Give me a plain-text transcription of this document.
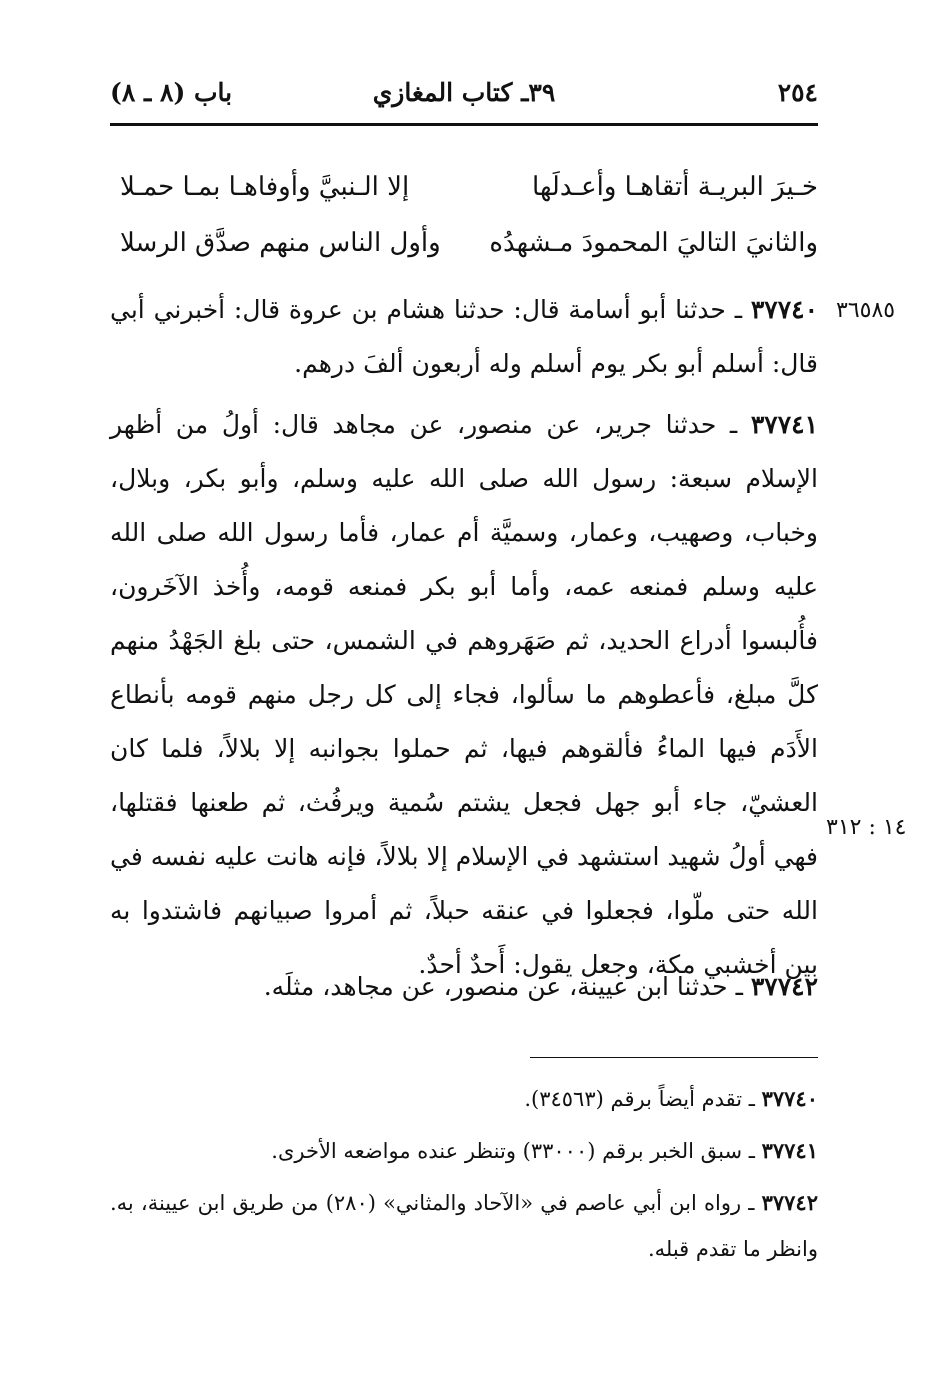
٢٥٤
٣٩ـ كتاب المغازي
باب (٨ ـ ٨)
خـيرَ البريـة أتقاهـا وأعـدلَها
إلا الـنبيَّ وأوفاهـا بمـا حمـلا
والثانيَ التاليَ المحمودَ مـشهدُه
وأول الناس منهم صدَّق الرسلا
٣٦٥٨٥
٣٧٧٤٠ ـ حدثنا أبو أسامة قال: حدثنا هشام بن عروة قال: أخبرني أبي قال: أسلم أبو بكر يوم أسلم وله أربعون ألفَ درهم.
٣٧٧٤١ ـ حدثنا جرير، عن منصور، عن مجاهد قال: أولُ من أظهر الإسلام سبعة: رسول الله صلى الله عليه وسلم، وأبو بكر، وبلال، وخباب، وصهيب، وعمار، وسميَّة أم عمار، فأما رسول الله صلى الله عليه وسلم فمنعه عمه، وأما أبو بكر فمنعه قومه، وأُخذ الآخَرون، فأُلبسوا أدراع الحديد، ثم صَهَروهم في الشمس، حتى بلغ الجَهْدُ منهم كلَّ مبلغ، فأعطوهم ما سألوا، فجاء إلى كل رجل منهم قومه بأنطاع الأَدَم فيها الماءُ فألقوهم فيها، ثم حملوا بجوانبه إلا بلالاً، فلما كان العشيّ، جاء أبو جهل فجعل يشتم سُمية ويرفُث، ثم طعنها فقتلها، فهي أولُ شهيد استشهد في الإسلام إلا بلالاً، فإنه هانت عليه نفسه في الله حتى ملّوا، فجعلوا في عنقه حبلاً، ثم أمروا صبيانهم فاشتدوا به بين أخشبي مكة، وجعل يقول: أَحدٌ أحدٌ.
١٤ : ٣١٢
٣٧٧٤٢ ـ حدثنا ابن عيينة، عن منصور، عن مجاهد، مثلَه.
٣٧٧٤٠ ـ تقدم أيضاً برقم (٣٤٥٦٣).
٣٧٧٤١ ـ سبق الخبر برقم (٣٣٠٠٠) وتنظر عنده مواضعه الأخرى.
٣٧٧٤٢ ـ رواه ابن أبي عاصم في «الآحاد والمثاني» (٢٨٠) من طريق ابن عيينة، به. وانظر ما تقدم قبله.
